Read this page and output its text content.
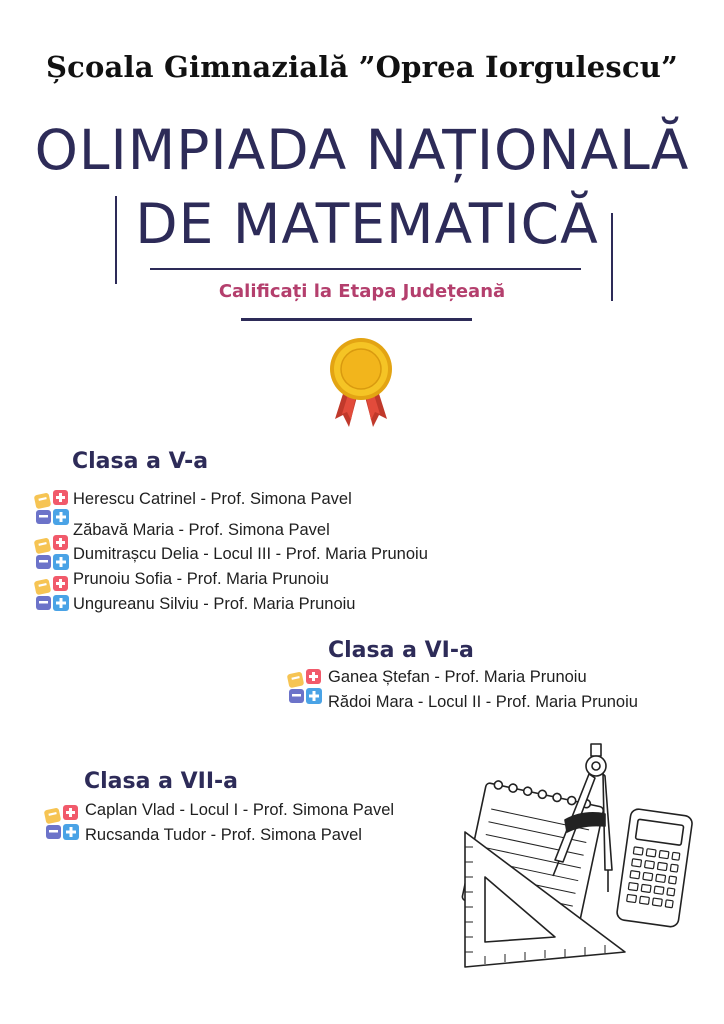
Școala Gimnazială ”Oprea Iorgulescu”
OLIMPIADA NAȚIONALĂ
DE MATEMATICĂ
Calificați la Etapa Județeană
Clasa a V-a
Herescu Catrinel - Prof. Simona Pavel
Zăbavă Maria - Prof. Simona Pavel
Dumitrașcu Delia - Locul III - Prof. Maria Prunoiu
Prunoiu Sofia - Prof. Maria Prunoiu
Ungureanu Silviu - Prof. Maria Prunoiu
Clasa a VI-a
Ganea Ștefan - Prof. Maria Prunoiu
Rădoi Mara - Locul II - Prof. Maria Prunoiu
Clasa a VII-a
Caplan Vlad - Locul I - Prof. Simona Pavel
Rucsanda Tudor - Prof. Simona Pavel
